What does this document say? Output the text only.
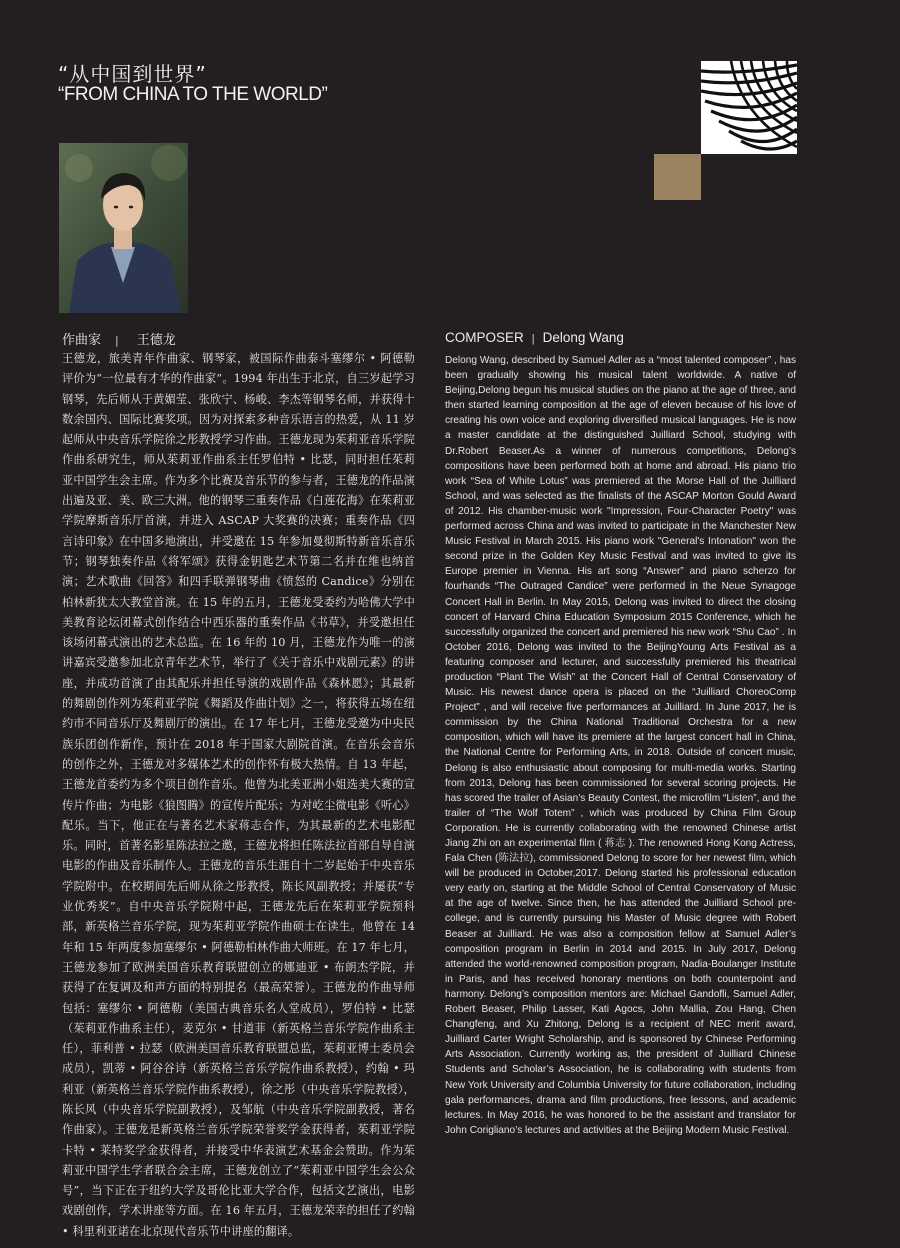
“从中国到世界”
“FROM CHINA TO THE WORLD”
作曲家 | 王德龙

王德龙，旅美青年作曲家、钢琴家，被国际作曲泰斗塞缪尔 • 阿德勒评价为“一位最有才华的作曲家”。1994 年出生于北京，自三岁起学习钢琴，先后师从于黄媚莹、张欣宁、杨峻、李杰等钢琴名师，并获得十数余国内、国际比赛奖项。因为对探索多种音乐语言的热爱，从 11 岁起师从中央音乐学院徐之彤教授学习作曲。王德龙现为茱莉亚音乐学院作曲系研究生，师从茱莉亚作曲系主任罗伯特 • 比瑟，同时担任茱莉亚中国学生会主席。作为多个比赛及音乐节的参与者，王德龙的作品演出遍及亚、美、欧三大洲。他的钢琴三重奏作品《白莲花海》在茱莉亚学院摩斯音乐厅首演，并进入 ASCAP 大奖赛的决赛；重奏作品《四言诗印象》在中国多地演出，并受邀在 15 年参加曼彻斯特新音乐音乐节；钢琴独奏作品《将军颂》获得金钥匙艺术节第二名并在维也纳首演；艺术歌曲《回答》和四手联弹钢琴曲《愤怒的 Candice》分别在柏林新犹太大教堂首演。在 15 年的五月，王德龙受委约为哈佛大学中美教育论坛闭幕式创作结合中西乐器的重奏作品《书草》，并受邀担任该场闭幕式演出的艺术总监。在 16 年的 10 月，王德龙作为唯一的演讲嘉宾受邀参加北京青年艺术节，举行了《关于音乐中戏剧元素》的讲座，并成功首演了由其配乐并担任导演的戏剧作品《森林愿》；其最新的舞剧创作列为茱莉亚学院《舞蹈及作曲计划》之一，将获得五场在纽约市不同音乐厅及舞剧厅的演出。在 17 年七月，王德龙受邀为中央民族乐团创作新作，预计在 2018 年于国家大剧院首演。在音乐会音乐的创作之外，王德龙对多媒体艺术的创作怀有极大热情。自 13 年起，王德龙首委约为多个项目创作音乐。他曾为北美亚洲小姐选美大赛的宣传片作曲；为电影《狼图腾》的宣传片配乐；为对屹尘微电影《听心》配乐。当下，他正在与著名艺术家蒋志合作，为其最新的艺术电影配乐。同时，首著名影星陈法拉之邀，王德龙将担任陈法拉首部自导自演电影的作曲及音乐制作人。王德龙的音乐生涯自十二岁起始于中央音乐学院附中。在校期间先后师从徐之彤教授，陈长风副教授；并屡获“专业优秀奖”。自中央音乐学院附中起，王德龙先后在茱莉亚学院预科部，新英格兰音乐学院，现为茱莉亚学院作曲硕士在读生。他曾在 14 年和 15 年两度参加塞缪尔 • 阿德勒柏林作曲大师班。在 17 年七月，王德龙参加了欧洲美国音乐教育联盟创立的娜迪亚 • 布朗杰学院，并获得了在复调及和声方面的特别提名（最高荣誉）。王德龙的作曲导师包括：塞缪尔 • 阿德勒（美国古典音乐名人堂成员），罗伯特 • 比瑟（茱莉亚作曲系主任），麦克尔 • 甘道菲（新英格兰音乐学院作曲系主任），菲利普 • 拉瑟（欧洲美国音乐教育联盟总监，茱莉亚博士委员会成员），凯蒂 • 阿谷谷诗（新英格兰音乐学院作曲系教授），约翰 • 玛利亚（新英格兰音乐学院作曲系教授），徐之彤（中央音乐学院教授），陈长风（中央音乐学院副教授），及邹航（中央音乐学院副教授，著名作曲家）。王德龙是新英格兰音乐学院荣誉奖学金获得者，茱莉亚学院卡特 • 莱特奖学金获得者，并接受中华表演艺术基金会赞助。作为茱莉亚中国学生学者联合会主席，王德龙创立了“茱莉亚中国学生会公众号”，当下正在于纽约大学及哥伦比亚大学合作，包括文艺演出，电影戏剧创作，学术讲座等方面。在 16 年五月，王德龙荣幸的担任了约翰 • 科里利亚诺在北京现代音乐节中讲座的翻译。

COMPOSER | Delong Wang

Delong Wang, described by Samuel Adler as a “most talented composer” , has been gradually showing his musical talent worldwide. A native of Beijing,Delong begun his musical studies on the piano at the age of three, and then started learning composition at the age of eleven because of his love of creating his own voice and exploring diversified musical languages. He is now a master candidate at the distinguished Juilliard School, studying with Dr.Robert Beaser.As a winner of numerous competitions, Delong’s compositions have been performed both at home and abroad. His piano trio work “Sea of White Lotus” was premiered at the Morse Hall of the Juilliard School, and was selected as the finalists of the ASCAP Morton Gould Award of 2012. His chamber-music work "Impression, Four-Character Poetry" was performed across China and was invited to participate in the Manchester New Music Festival in March 2015. His piano work "General's Intonation" won the second prize in the Golden Key Music Festival and was invited to give its Europe premier in Vienna. His art song “Answer” and piano scherzo for fourhands “The Outraged Candice” were performed in the Neue Synagoge Concert Hall in Berlin. In May 2015, Delong was invited to direct the closing concert of Harvard China Education Symposium 2015 Conference, which he successfully organized the concert and premiered his new work “Shu Cao” . In October 2016, Delong was invited to the BeijingYoung Arts Festival as a featuring composer and lecturer, and successfully premiered his theatrical production “Plant The Wish” at the Concert Hall of Central Conservatory of Music. His newest dance opera is placed on the “Juilliard ChoreoComp Project” , and will receive five performances at Juilliard. In June 2017, he is commission by the China National Traditional Orchestra for a new composition, which will have its premiere at the largest concert hall in China, the National Centre for Performing Arts, in 2018. Outside of concert music, Delong is also enthusiastic about composing for multi-media works. Starting from 2013, Delong has been commissioned for several scoring projects. He has scored the trailer of Asian’s Beauty Contest, the microfilm “Listen”, and the trailer of “The Wolf Totem” , which was produced by China Film Group Corporation. He is currently collaborating with the renowned Chinese artist Jiang Zhi on an experimental film ( 蒋志 ). The renowned Hong Kong Actress, Fala Chen (陈法拉), commissioned Delong to score for her newest film, which will be produced in October,2017. Delong started his professional education very early on, starting at the Middle School of Central Conservatory of Music at the age of twelve. Since then, he has attended the Juilliard School pre-college, and is currently pursuing his Master of Music degree with Robert Beaser at Juilliard. He was also a composition fellow at Samuel Adler’s composition program in Berlin in 2014 and 2015. In July 2017, Delong attended the world-renowned composition program, Nadia-Boulanger Institute in Paris, and has received honorary mentions on both counterpoint and harmony. Delong’s composition mentors are: Michael Gandofli, Samuel Adler, Robert Beaser, Philip Lasser, Kati Agocs, John Mallia, Zou Hang, Chen Changfeng, and Xu Zhitong, Delong is a recipient of NEC merit award, Juilliard Carter Wright Scholarship, and is sponsored by Chinese Performing Arts Association. Currently working as, the president of Juilliard Chinese Students and Scholar’s Association, he is collaborating with students from New York University and Columbia University for future collaboration, including gala performances, drama and film productions, free lessons, and academic lectures. In May 2016, he was honored to be the assistant and translator for John Corigliano’s lectures and activities at the Beijing Modern Music Festival.
